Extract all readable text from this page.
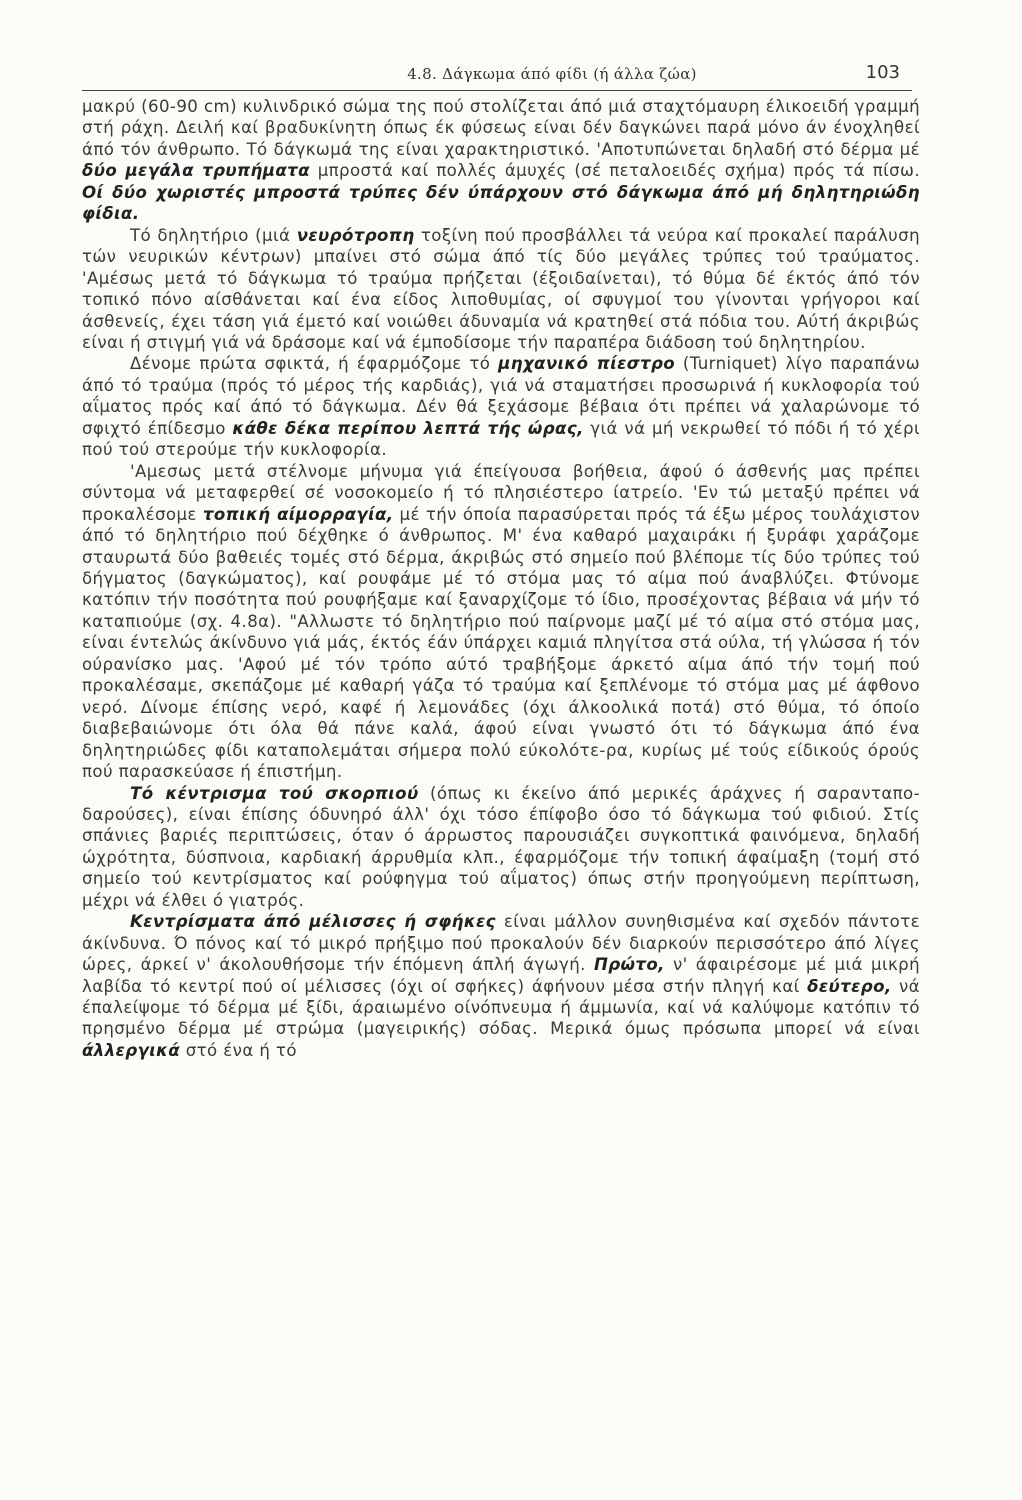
4.8. Δάγκωμα άπό φίδι (ή άλλα ζώα)	103

μακρύ (60-90 cm) κυλινδρικό σώμα της πού στολίζεται άπό μιά σταχτόμαυρη έλικοειδή γραμμή στή ράχη. Δειλή καί βραδυκίνητη όπως έκ φύσεως είναι δέν δαγκώνει παρά μόνο άν ένοχληθεί άπό τόν άνθρωπο. Τό δάγκωμά της είναι χαρακτηριστικό. 'Αποτυπώνεται δηλαδή στό δέρμα μέ δύο μεγάλα τρυπήματα μπροστά καί πολλές άμυχές (σέ πεταλοειδές σχήμα) πρός τά πίσω. Οί δύο χωριστές μπροστά τρύπες δέν ύπάρχουν στό δάγκωμα άπό μή δηλητηριώδη φίδια.

Τό δηλητήριο (μιά νευρότροπη τοξίνη πού προσβάλλει τά νεύρα καί προκαλεί παράλυση τών νευρικών κέντρων) μπαίνει στό σώμα άπό τίς δύο μεγάλες τρύπες τού τραύματος. 'Αμέσως μετά τό δάγκωμα τό τραύμα πρήζεται (έξοιδαίνεται), τό θύμα δέ έκτός άπό τόν τοπικό πόνο αίσθάνεται καί ένα είδος λιποθυμίας, οί σφυγμοί του γίνονται γρήγοροι καί άσθενείς, έχει τάση γιά έμετό καί νοιώθει άδυναμία νά κρατηθεί στά πόδια του. Αύτή άκριβώς είναι ή στιγμή γιά νά δράσομε καί νά έμποδίσομε τήν παραπέρα διάδοση τού δηλητηρίου.

Δένομε πρώτα σφικτά, ή έφαρμόζομε τό μηχανικό πίεστρο (Turniquet) λίγο παραπάνω άπό τό τραύμα (πρός τό μέρος τής καρδιάς), γιά νά σταματήσει προσωρινά ή κυκλοφορία τού αΐματος πρός καί άπό τό δάγκωμα. Δέν θά ξεχάσομε βέβαια ότι πρέπει νά χαλαρώνομε τό σφιχτό έπίδεσμο κάθε δέκα περίπου λεπτά τής ώρας, γιά νά μή νεκρωθεί τό πόδι ή τό χέρι πού τού στερούμε τήν κυκλοφορία.

'Αμεσως μετά στέλνομε μήνυμα γιά έπείγουσα βοήθεια, άφού ό άσθενής μας πρέπει σύντομα νά μεταφερθεί σέ νοσοκομείο ή τό πλησιέστερο ίατρείο. 'Εν τώ μεταξύ πρέπει νά προκαλέσομε τοπική αίμορραγία, μέ τήν όποία παρασύρεται πρός τά έξω μέρος τουλάχιστον άπό τό δηλητήριο πού δέχθηκε ό άνθρωπος. Μ' ένα καθαρό μαχαιράκι ή ξυράφι χαράζομε σταυρωτά δύο βαθειές τομές στό δέρμα, άκριβώς στό σημείο πού βλέπομε τίς δύο τρύπες τού δήγματος (δαγκώματος), καί ρουφάμε μέ τό στόμα μας τό αίμα πού άναβλύζει. Φτύνομε κατόπιν τήν ποσότητα πού ρουφήξαμε καί ξαναρχίζομε τό ίδιο, προσέχοντας βέβαια νά μήν τό καταπιούμε (σχ. 4.8α). "Αλλωστε τό δηλητήριο πού παίρνομε μαζί μέ τό αίμα στό στόμα μας, είναι έντελώς άκίνδυνο γιά μάς, έκτός έάν ύπάρχει καμιά πληγίτσα στά ούλα, τή γλώσσα ή τόν ούρανίσκο μας. 'Αφού μέ τόν τρόπο αύτό τραβήξομε άρκετό αίμα άπό τήν τομή πού προκαλέσαμε, σκεπάζομε μέ καθαρή γάζα τό τραύμα καί ξεπλένομε τό στόμα μας μέ άφθονο νερό. Δίνομε έπίσης νερό, καφέ ή λεμονάδες (όχι άλκοολικά ποτά) στό θύμα, τό όποίο διαβεβαιώνομε ότι όλα θά πάνε καλά, άφού είναι γνωστό ότι τό δάγκωμα άπό ένα δηλητηριώδες φίδι καταπολεμάται σήμερα πολύ εύκολότε-ρα, κυρίως μέ τούς είδικούς όρούς πού παρασκεύασε ή έπιστήμη.

Τό κέντρισμα τού σκορπιού (όπως κι έκείνο άπό μερικές άράχνες ή σαρανταπο-δαρούσες), είναι έπίσης όδυνηρό άλλ' όχι τόσο έπίφοβο όσο τό δάγκωμα τού φιδιού. Στίς σπάνιες βαριές περιπτώσεις, όταν ό άρρωστος παρουσιάζει συγκοπτικά φαινόμενα, δηλαδή ώχρότητα, δύσπνοια, καρδιακή άρρυθμία κλπ., έφαρμόζομε τήν τοπική άφαίμαξη (τομή στό σημείο τού κεντρίσματος καί ρούφηγμα τού αΐματος) όπως στήν προηγούμενη περίπτωση, μέχρι νά έλθει ό γιατρός.

Κεντρίσματα άπό μέλισσες ή σφήκες είναι μάλλον συνηθισμένα καί σχεδόν πάντοτε άκίνδυνα. Ό πόνος καί τό μικρό πρήξιμο πού προκαλούν δέν διαρκούν περισσότερο άπό λίγες ώρες, άρκεί ν' άκολουθήσομε τήν έπόμενη άπλή άγωγή. Πρώτο, ν' άφαιρέσομε μέ μιά μικρή λαβίδα τό κεντρί πού οί μέλισσες (όχι οί σφήκες) άφήνουν μέσα στήν πληγή καί δεύτερο, νά έπαλείψομε τό δέρμα μέ ξίδι, άραιωμένο οίνόπνευμα ή άμμωνία, καί νά καλύψομε κατόπιν τό πρησμένο δέρμα μέ στρώμα (μαγειρικής) σόδας. Μερικά όμως πρόσωπα μπορεί νά είναι άλλεργικά στό ένα ή τό
